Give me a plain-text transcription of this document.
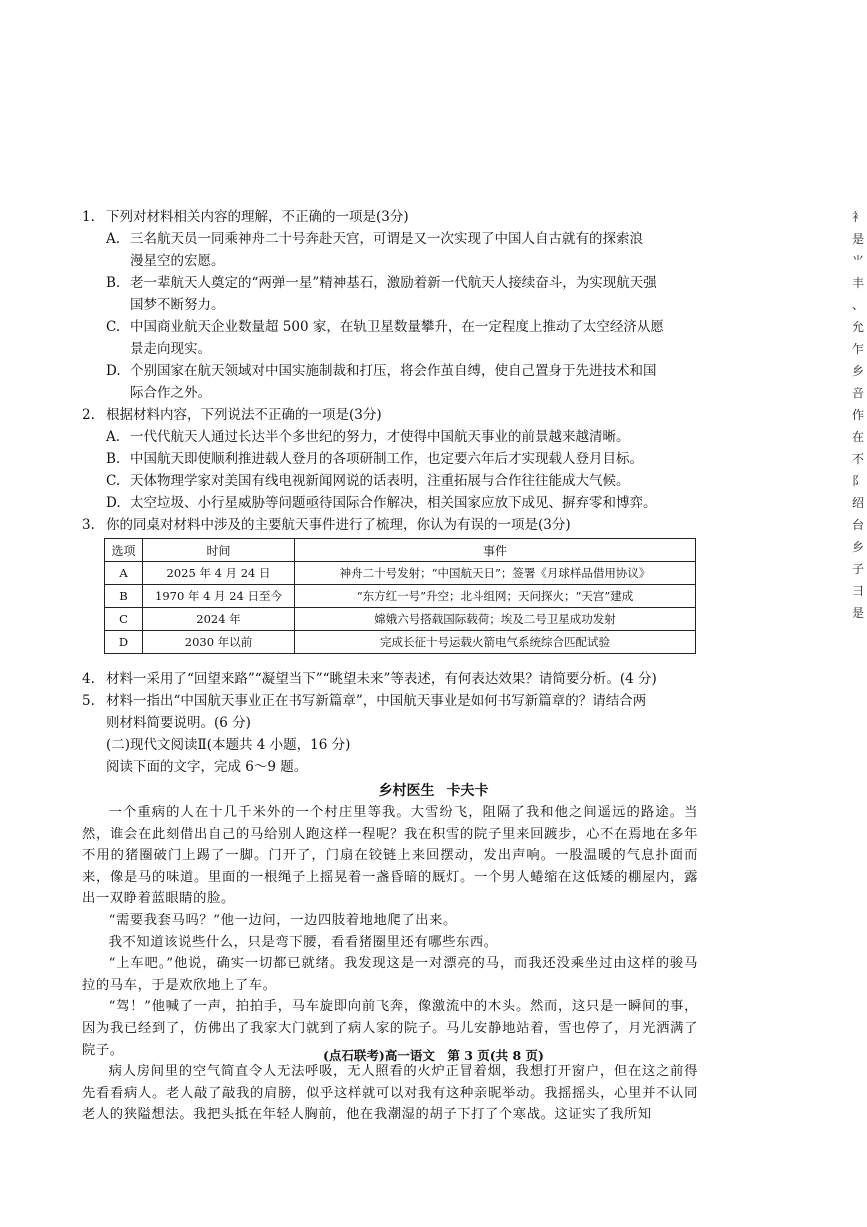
1. 下列对材料相关内容的理解，不正确的一项是(3分)
A. 三名航天员一同乘神舟二十号奔赴天宫，可谓是又一次实现了中国人自古就有的探索浪
漫星空的宏愿。
B. 老一辈航天人奠定的“两弹一星”精神基石，激励着新一代航天人接续奋斗，为实现航天强
国梦不断努力。
C. 中国商业航天企业数量超 500 家，在轨卫星数量攀升，在一定程度上推动了太空经济从愿
景走向现实。
D. 个别国家在航天领域对中国实施制裁和打压，将会作茧自缚，使自己置身于先进技术和国
际合作之外。
2. 根据材料内容，下列说法不正确的一项是(3分)
A. 一代代航天人通过长达半个多世纪的努力，才使得中国航天事业的前景越来越清晰。
B. 中国航天即使顺利推进载人登月的各项研制工作，也定要六年后才实现载人登月目标。
C. 天体物理学家对美国有线电视新闻网说的话表明，注重拓展与合作往往能成大气候。
D. 太空垃圾、小行星威胁等问题亟待国际合作解决，相关国家应放下成见、摒弃零和博弈。
3. 你的同桌对材料中涉及的主要航天事件进行了梳理，你认为有误的一项是(3分)
选项	时间	事件
A	2025 年 4 月 24 日	神舟二十号发射；“中国航天日”；签署《月球样品借用协议》
B	1970 年 4 月 24 日至今	“东方红一号”升空；北斗组网；天问探火；“天宫”建成
C	2024 年	嫦娥六号搭载国际载荷；埃及二号卫星成功发射
D	2030 年以前	完成长征十号运载火箭电气系统综合匹配试验
4. 材料一采用了“回望来路”“凝望当下”“眺望未来”等表述，有何表达效果？请简要分析。(4 分)
5. 材料一指出“中国航天事业正在书写新篇章”，中国航天事业是如何书写新篇章的？请结合两
则材料简要说明。(6 分)
(二)现代文阅读Ⅱ(本题共 4 小题，16 分)
阅读下面的文字，完成 6～9 题。
乡村医生 卡夫卡

一个重病的人在十几千米外的一个村庄里等我。大雪纷飞，阻隔了我和他之间遥远的路途。当然，谁会在此刻借出自己的马给别人跑这样一程呢？我在积雪的院子里来回踱步，心不在焉地在多年不用的猪圈破门上踢了一脚。门开了，门扇在铰链上来回摆动，发出声响。一股温暖的气息扑面而来，像是马的味道。里面的一根绳子上摇晃着一盏昏暗的厩灯。一个男人蜷缩在这低矮的棚屋内，露出一双睁着蓝眼睛的脸。

“需要我套马吗？”他一边问，一边四肢着地地爬了出来。

我不知道该说些什么，只是弯下腰，看看猪圈里还有哪些东西。

“上车吧。”他说，确实一切都已就绪。我发现这是一对漂亮的马，而我还没乘坐过由这样的骏马拉的马车，于是欢欣地上了车。

“驾！”他喊了一声，拍拍手，马车旋即向前飞奔，像激流中的木头。然而，这只是一瞬间的事，因为我已经到了，仿佛出了我家大门就到了病人家的院子。马儿安静地站着，雪也停了，月光洒满了院子。

病人房间里的空气简直令人无法呼吸，无人照看的火炉正冒着烟，我想打开窗户，但在这之前得先看看病人。老人敲了敲我的肩膀，似乎这样就可以对我有这种亲昵举动。我摇摇头，心里并不认同老人的狭隘想法。我把头抵在年轻人胸前，他在我潮湿的胡子下打了个寒战。这证实了我所知

(点石联考)高一语文　第 3 页(共 8 页)
衤
是
⺌
丰
、
允
乍
乡
咅
作
在
不
阝
绍
台
乡
子
彐
是
